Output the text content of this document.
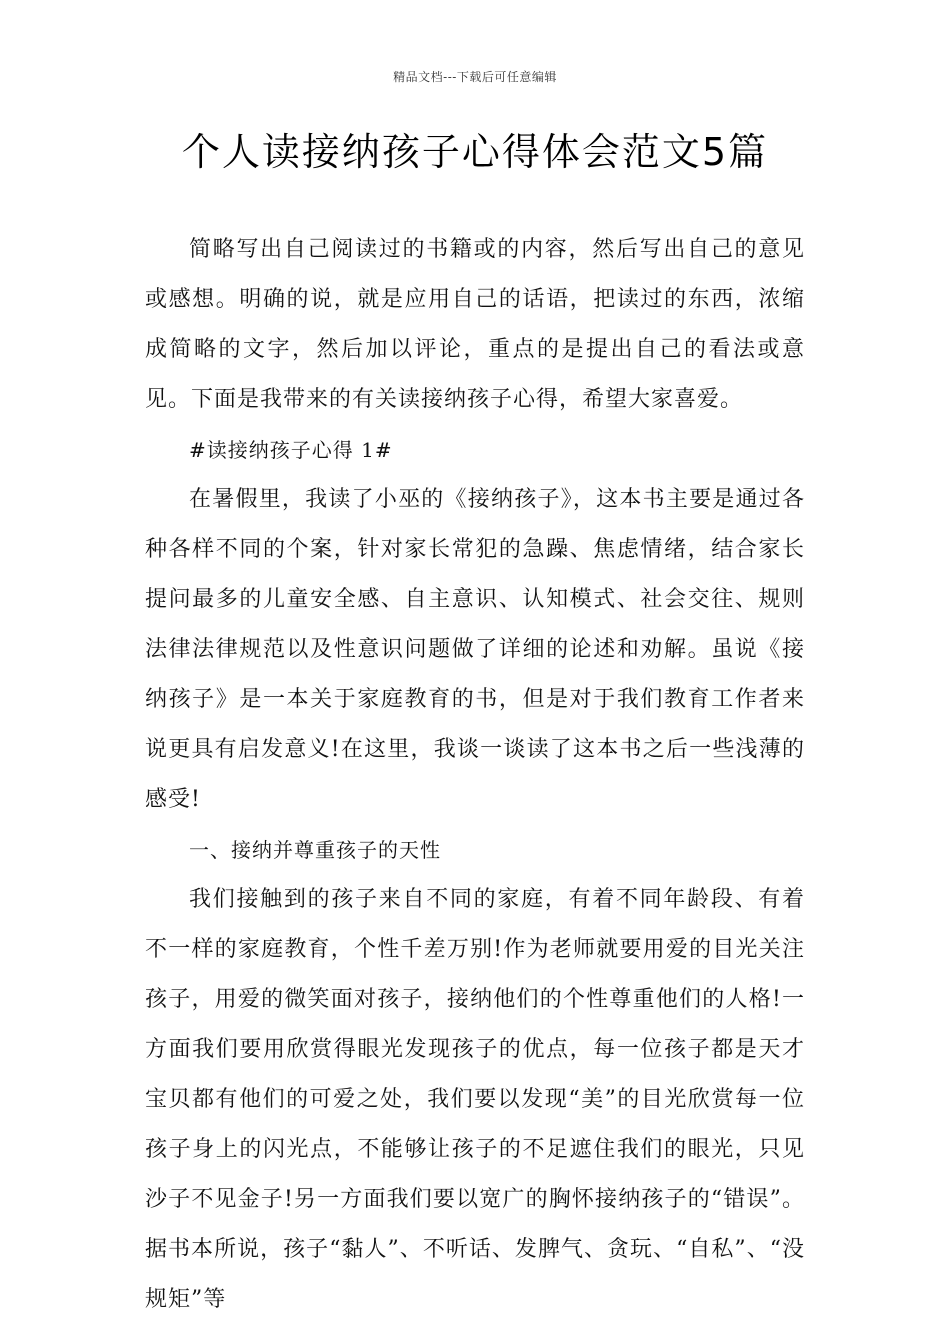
精品文档---下载后可任意编辑
个人读接纳孩子心得体会范文5篇

简略写出自己阅读过的书籍或的内容，然后写出自己的意见或感想。明确的说，就是应用自己的话语，把读过的东西，浓缩成简略的文字，然后加以评论，重点的是提出自己的看法或意见。下面是我带来的有关读接纳孩子心得，希望大家喜爱。

#读接纳孩子心得 1#

在暑假里，我读了小巫的《接纳孩子》，这本书主要是通过各种各样不同的个案，针对家长常犯的急躁、焦虑情绪，结合家长提问最多的儿童安全感、自主意识、认知模式、社会交往、规则法律法律规范以及性意识问题做了详细的论述和劝解。虽说《接纳孩子》是一本关于家庭教育的书，但是对于我们教育工作者来说更具有启发意义!在这里，我谈一谈读了这本书之后一些浅薄的感受!

一、接纳并尊重孩子的天性

我们接触到的孩子来自不同的家庭，有着不同年龄段、有着不一样的家庭教育，个性千差万别!作为老师就要用爱的目光关注孩子，用爱的微笑面对孩子，接纳他们的个性尊重他们的人格!一方面我们要用欣赏得眼光发现孩子的优点，每一位孩子都是天才宝贝都有他们的可爱之处，我们要以发现“美”的目光欣赏每一位孩子身上的闪光点，不能够让孩子的不足遮住我们的眼光，只见沙子不见金子!另一方面我们要以宽广的胸怀接纳孩子的“错误”。据书本所说，孩子“黏人”、不听话、发脾气、贪玩、“自私”、“没规矩”等
